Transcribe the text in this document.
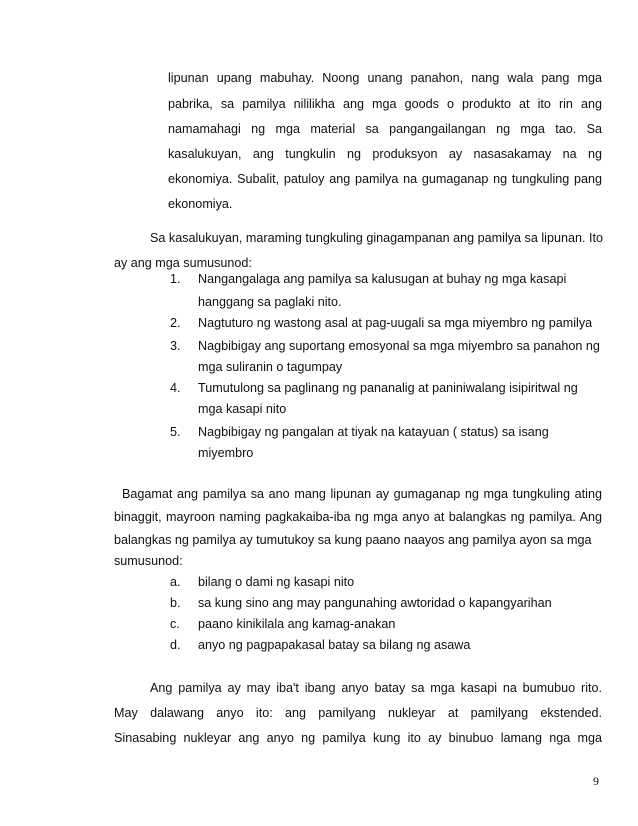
lipunan upang mabuhay. Noong unang panahon, nang wala pang mga
pabrika, sa pamilya nililikha ang mga goods o produkto at ito rin ang
namamahagi ng mga material sa pangangailangan ng mga tao. Sa
kasalukuyan, ang tungkulin ng produksyon ay nasasakamay na ng
ekonomiya. Subalit, patuloy ang pamilya na gumaganap ng tungkuling pang
ekonomiya.
Sa kasalukuyan, maraming tungkuling ginagampanan ang pamilya sa lipunan. Ito
ay ang mga sumusunod:
1. Nangangalaga ang pamilya sa kalusugan at buhay ng mga kasapi
hanggang sa paglaki nito.
2. Nagtuturo ng wastong asal at pag-uugali sa mga miyembro ng pamilya
3. Nagbibigay ang suportang emosyonal sa mga miyembro sa panahon ng
mga suliranin o tagumpay
4. Tumutulong sa paglinang ng pananalig at paniniwalang isipiritwal ng
mga kasapi nito
5. Nagbibigay ng pangalan at tiyak na katayuan ( status) sa isang
miyembro
Bagamat ang pamilya sa ano mang lipunan ay gumaganap ng mga tungkuling ating
binaggit, mayroon naming pagkakaiba-iba ng mga anyo at balangkas ng pamilya. Ang
balangkas ng pamilya ay tumutukoy sa kung paano naayos ang pamilya ayon sa mga
sumusunod:
a. bilang o dami ng kasapi nito
b. sa kung sino ang may pangunahing awtoridad o kapangyarihan
c. paano kinikilala ang kamag-anakan
d. anyo ng pagpapakasal batay sa bilang ng asawa
Ang pamilya ay may iba't ibang anyo batay sa mga kasapi na bumubuo rito.
May dalawang anyo ito: ang pamilyang nukleyar at pamilyang ekstended.
Sinasabing nukleyar ang anyo ng pamilya kung ito ay binubuo lamang nga mga
9
